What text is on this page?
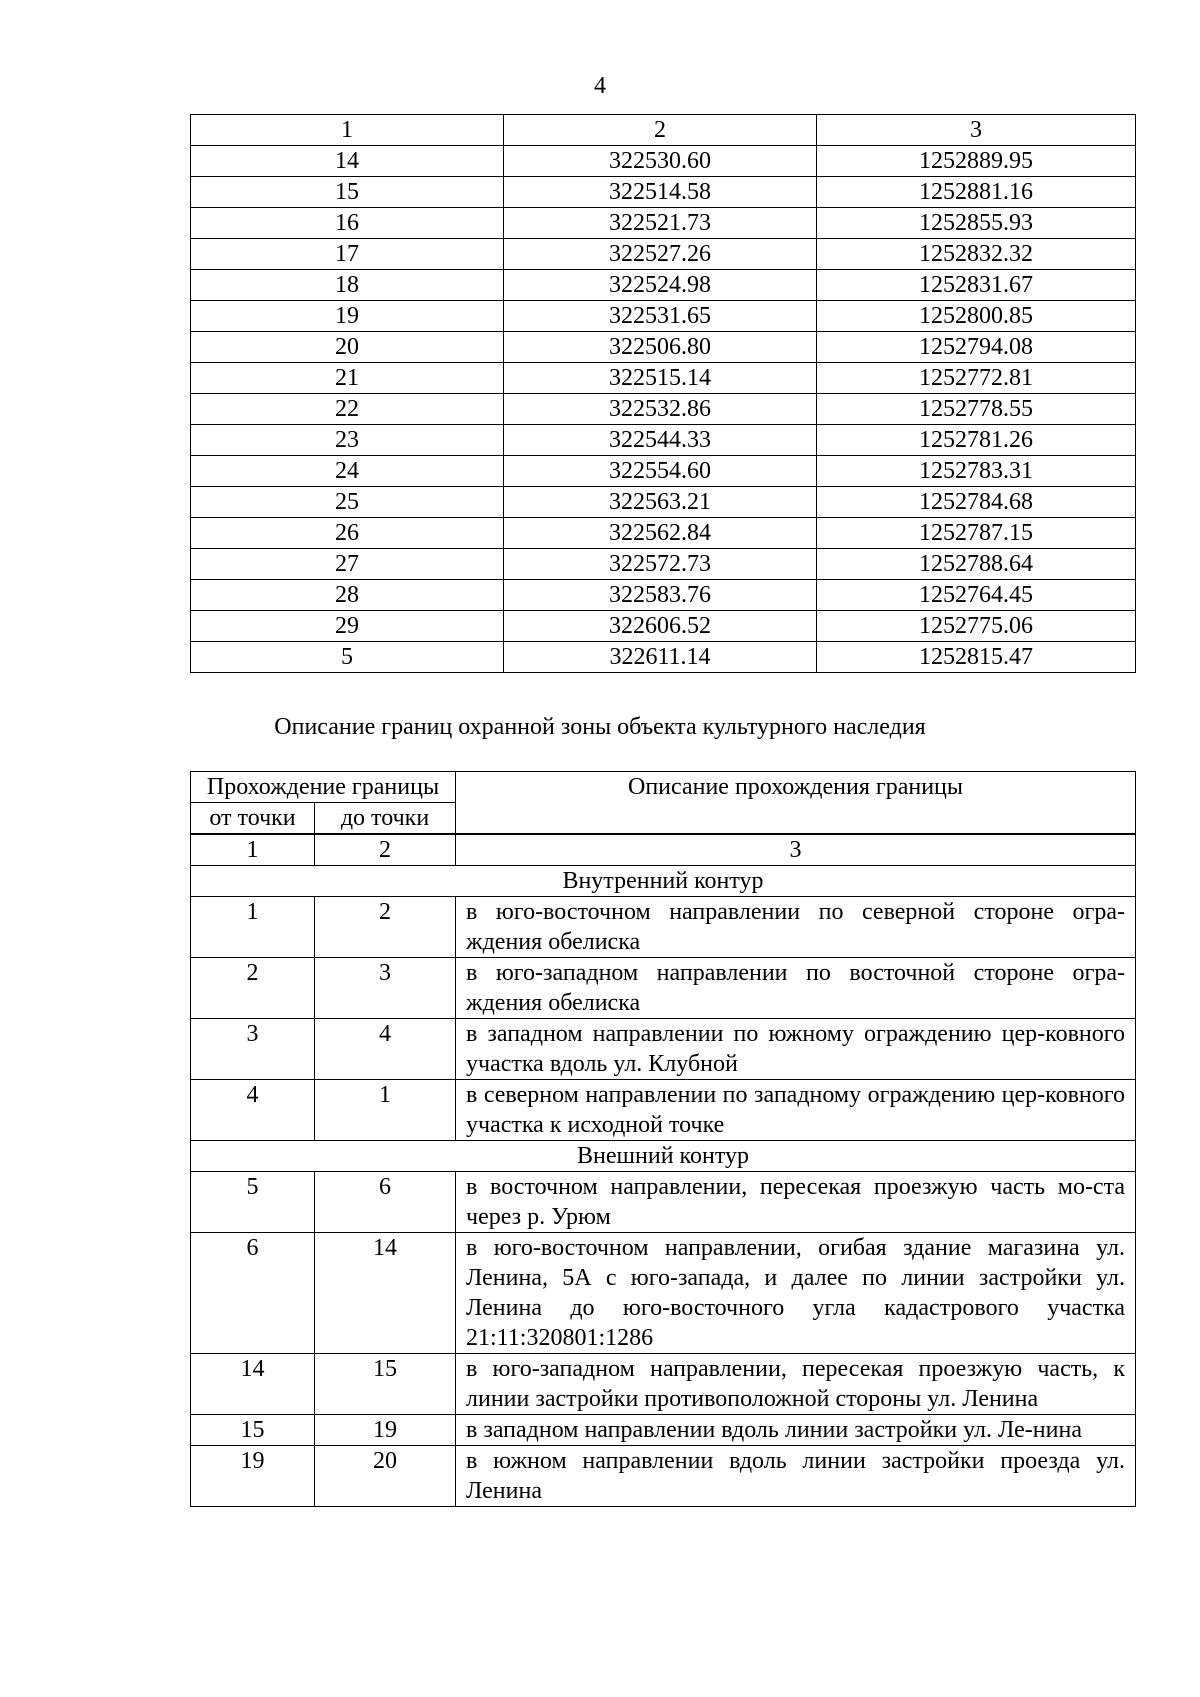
4
1	2	3
14	322530.60	1252889.95
15	322514.58	1252881.16
16	322521.73	1252855.93
17	322527.26	1252832.32
18	322524.98	1252831.67
19	322531.65	1252800.85
20	322506.80	1252794.08
21	322515.14	1252772.81
22	322532.86	1252778.55
23	322544.33	1252781.26
24	322554.60	1252783.31
25	322563.21	1252784.68
26	322562.84	1252787.15
27	322572.73	1252788.64
28	322583.76	1252764.45
29	322606.52	1252775.06
5	322611.14	1252815.47
Описание границ охранной зоны объекта культурного наследия
Прохождение границы		Описание прохождения границы
от точки	до точки	

1	2	3
Внутренний контур		
1	2	в юго-восточном направлении по северной стороне огра-ждения обелиска
2	3	в юго-западном направлении по восточной стороне огра-ждения обелиска
3	4	в западном направлении по южному ограждению цер-ковного участка вдоль ул. Клубной
4	1	в северном направлении по западному ограждению цер-ковного участка к исходной точке
Внешний контур		
5	6	в восточном направлении, пересекая проезжую часть мо-ста через р. Урюм
6	14	в юго-восточном направлении, огибая здание магазина ул. Ленина, 5А с юго-запада, и далее по линии застройки ул. Ленина до юго-восточного угла кадастрового участка 21:11:320801:1286
14	15	в юго-западном направлении, пересекая проезжую часть, к линии застройки противоположной стороны ул. Ленина
15	19	в западном направлении вдоль линии застройки ул. Ле-нина
19	20	в южном направлении вдоль линии застройки проезда ул. Ленина
